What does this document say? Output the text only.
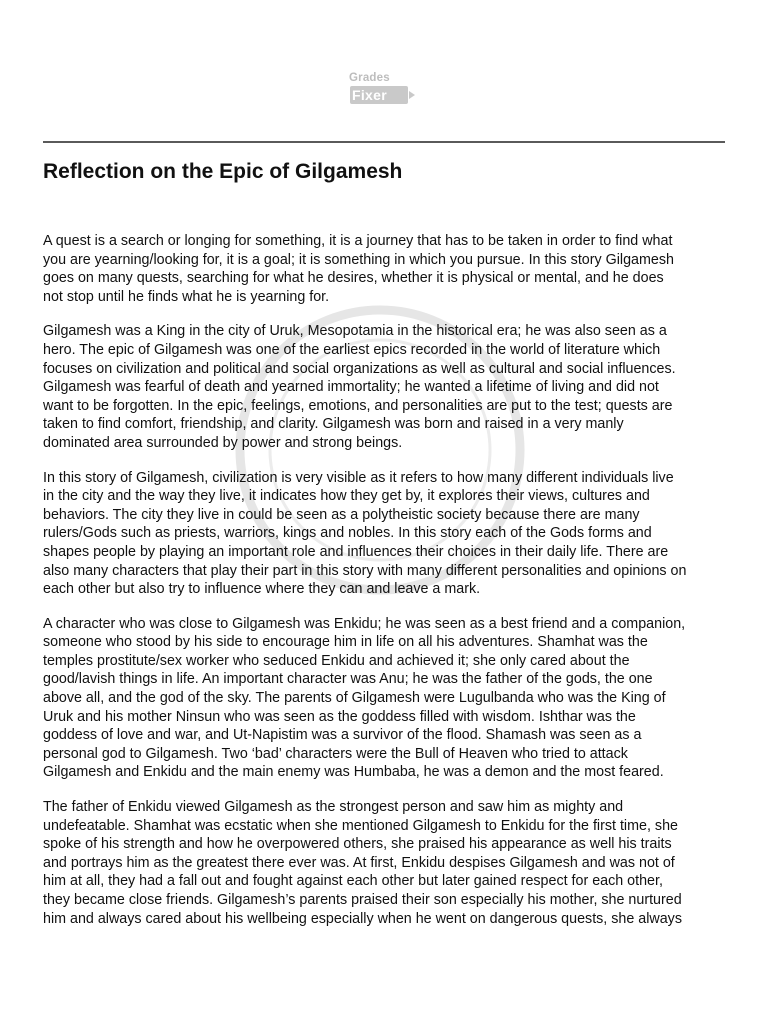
Grades
Fixer
Reflection on the Epic of Gilgamesh

A quest is a search or longing for something, it is a journey that has to be taken in order to find what
you are yearning/looking for, it is a goal; it is something in which you pursue. In this story Gilgamesh
goes on many quests, searching for what he desires, whether it is physical or mental, and he does
not stop until he finds what he is yearning for.

Gilgamesh was a King in the city of Uruk, Mesopotamia in the historical era; he was also seen as a
hero. The epic of Gilgamesh was one of the earliest epics recorded in the world of literature which
focuses on civilization and political and social organizations as well as cultural and social influences.
Gilgamesh was fearful of death and yearned immortality; he wanted a lifetime of living and did not
want to be forgotten. In the epic, feelings, emotions, and personalities are put to the test; quests are
taken to find comfort, friendship, and clarity. Gilgamesh was born and raised in a very manly
dominated area surrounded by power and strong beings.

In this story of Gilgamesh, civilization is very visible as it refers to how many different individuals live
in the city and the way they live, it indicates how they get by, it explores their views, cultures and
behaviors. The city they live in could be seen as a polytheistic society because there are many
rulers/Gods such as priests, warriors, kings and nobles. In this story each of the Gods forms and
shapes people by playing an important role and influences their choices in their daily life. There are
also many characters that play their part in this story with many different personalities and opinions on
each other but also try to influence where they can and leave a mark.

A character who was close to Gilgamesh was Enkidu; he was seen as a best friend and a companion,
someone who stood by his side to encourage him in life on all his adventures. Shamhat was the
temples prostitute/sex worker who seduced Enkidu and achieved it; she only cared about the
good/lavish things in life. An important character was Anu; he was the father of the gods, the one
above all, and the god of the sky. The parents of Gilgamesh were Lugulbanda who was the King of
Uruk and his mother Ninsun who was seen as the goddess filled with wisdom. Ishthar was the
goddess of love and war, and Ut-Napistim was a survivor of the flood. Shamash was seen as a
personal god to Gilgamesh. Two ‘bad’ characters were the Bull of Heaven who tried to attack
Gilgamesh and Enkidu and the main enemy was Humbaba, he was a demon and the most feared.

The father of Enkidu viewed Gilgamesh as the strongest person and saw him as mighty and
undefeatable. Shamhat was ecstatic when she mentioned Gilgamesh to Enkidu for the first time, she
spoke of his strength and how he overpowered others, she praised his appearance as well his traits
and portrays him as the greatest there ever was. At first, Enkidu despises Gilgamesh and was not of
him at all, they had a fall out and fought against each other but later gained respect for each other,
they became close friends. Gilgamesh’s parents praised their son especially his mother, she nurtured
him and always cared about his wellbeing especially when he went on dangerous quests, she always
